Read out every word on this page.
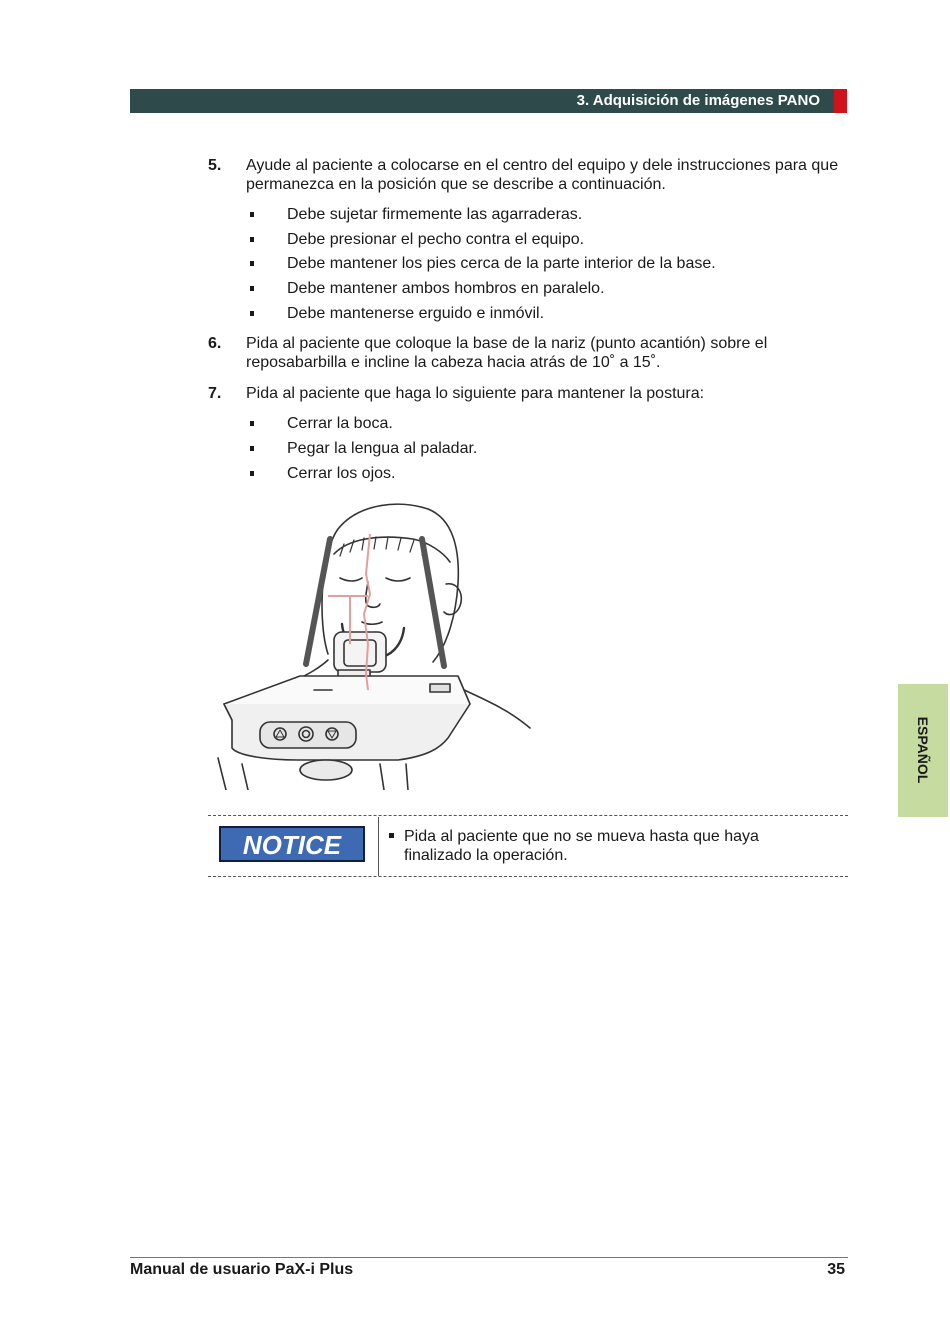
3. Adquisición de imágenes PANO
5. Ayude al paciente a colocarse en el centro del equipo y dele instrucciones para que permanezca en la posición que se describe a continuación.
Debe sujetar firmemente las agarraderas.
Debe presionar el pecho contra el equipo.
Debe mantener los pies cerca de la parte interior de la base.
Debe mantener ambos hombros en paralelo.
Debe mantenerse erguido e inmóvil.
6. Pida al paciente que coloque la base de la nariz (punto acantión) sobre el reposabarbilla e incline la cabeza hacia atrás de 10˚ a 15˚.
7. Pida al paciente que haga lo siguiente para mantener la postura:
Cerrar la boca.
Pegar la lengua al paladar.
Cerrar los ojos.
NOTICE	Pida al paciente que no se mueva hasta que haya finalizado la operación.
ESPAÑOL
Manual de usuario PaX-i Plus	35
